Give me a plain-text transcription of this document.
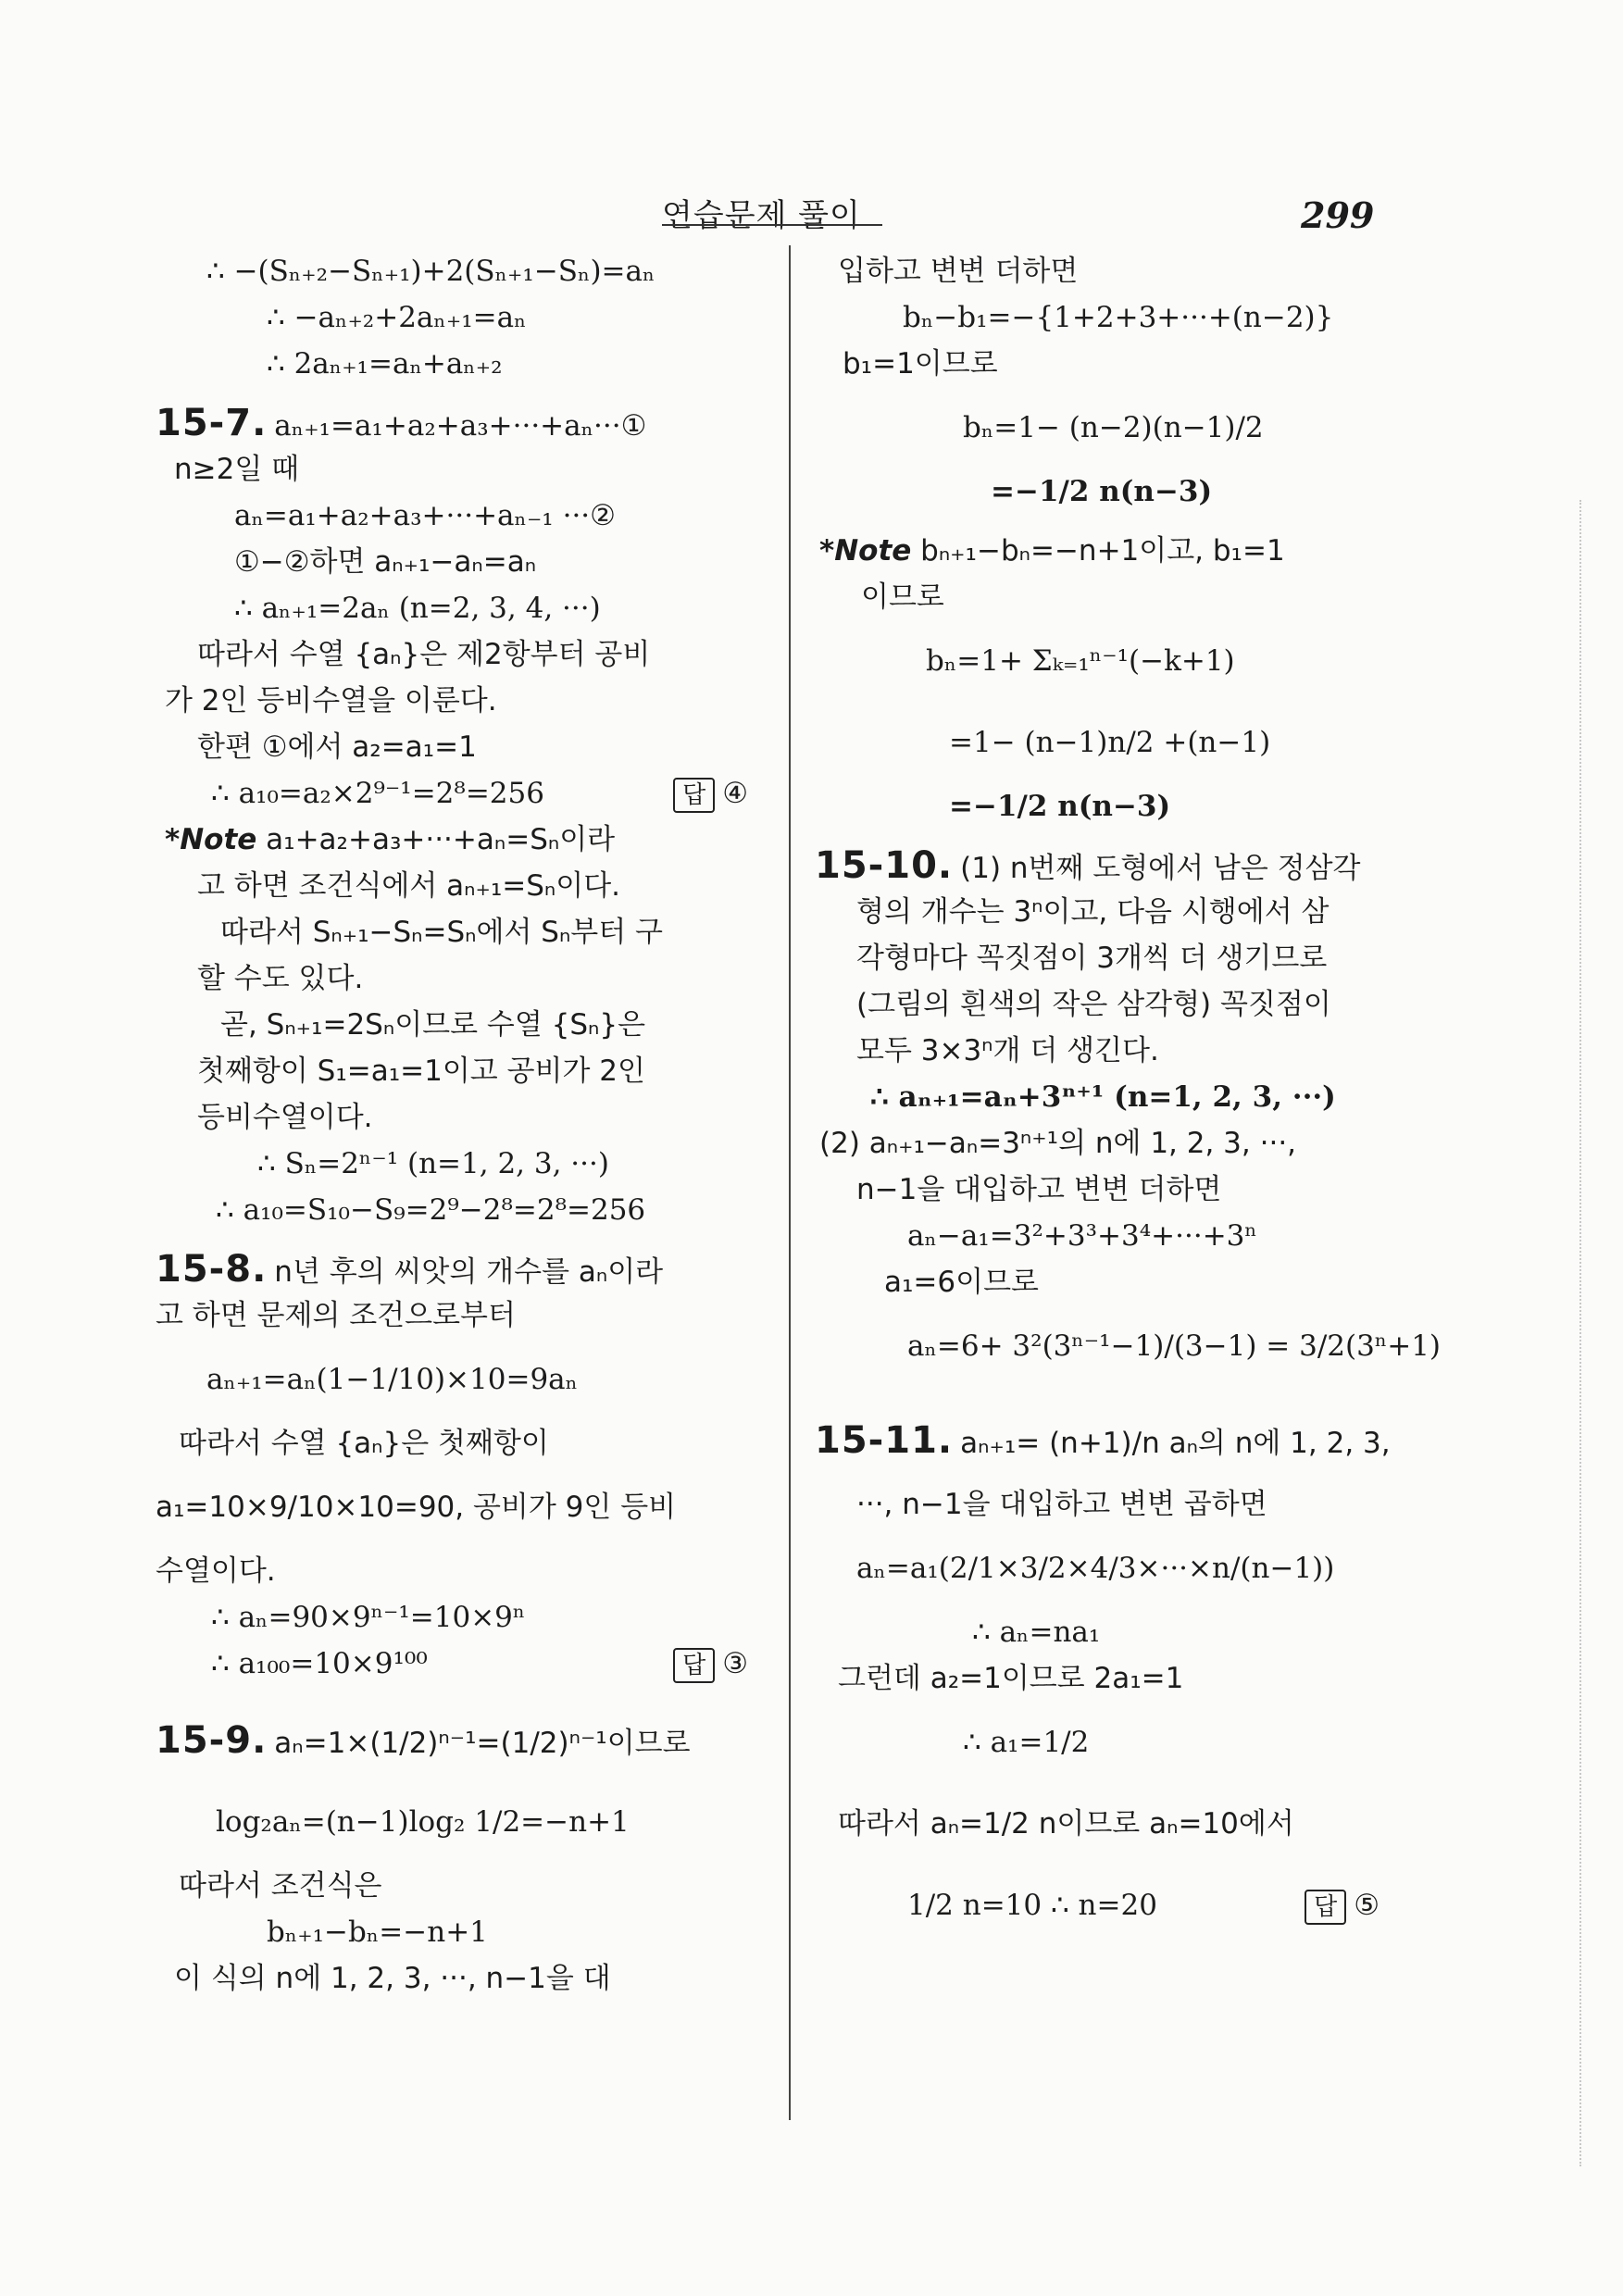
연습문제 풀이	299
∴ −(Sₙ₊₂−Sₙ₊₁)+2(Sₙ₊₁−Sₙ)=aₙ
∴ −aₙ₊₂+2aₙ₊₁=aₙ
∴ 2aₙ₊₁=aₙ+aₙ₊₂
15-7. aₙ₊₁=a₁+a₂+a₃+···+aₙ···①
n≥2일 때
aₙ=a₁+a₂+a₃+···+aₙ₋₁ ···②
①−②하면 aₙ₊₁−aₙ=aₙ
∴ aₙ₊₁=2aₙ (n=2, 3, 4, ···)
따라서 수열 {aₙ}은 제2항부터 공비
가 2인 등비수열을 이룬다.
한편 ①에서 a₂=a₁=1
∴ a₁₀=a₂×2⁹⁻¹=2⁸=256	답 ④
*Note a₁+a₂+a₃+···+aₙ=Sₙ이라
고 하면 조건식에서 aₙ₊₁=Sₙ이다.
따라서 Sₙ₊₁−Sₙ=Sₙ에서 Sₙ부터 구
할 수도 있다.
곧, Sₙ₊₁=2Sₙ이므로 수열 {Sₙ}은
첫째항이 S₁=a₁=1이고 공비가 2인
등비수열이다.
∴ Sₙ=2ⁿ⁻¹ (n=1, 2, 3, ···)
∴ a₁₀=S₁₀−S₉=2⁹−2⁸=2⁸=256
15-8. n년 후의 씨앗의 개수를 aₙ이라
고 하면 문제의 조건으로부터
aₙ₊₁=aₙ(1−1/10)×10=9aₙ
따라서 수열 {aₙ}은 첫째항이
a₁=10×9/10×10=90, 공비가 9인 등비
수열이다.
∴ aₙ=90×9ⁿ⁻¹=10×9ⁿ
∴ a₁₀₀=10×9¹⁰⁰	답 ③
15-9. aₙ=1×(1/2)ⁿ⁻¹=(1/2)ⁿ⁻¹이므로
log₂aₙ=(n−1)log₂ 1/2=−n+1
따라서 조건식은
bₙ₊₁−bₙ=−n+1
이 식의 n에 1, 2, 3, ···, n−1을 대
입하고 변변 더하면
bₙ−b₁=−{1+2+3+···+(n−2)}
b₁=1이므로
bₙ=1− (n−2)(n−1)/2
=−1/2 n(n−3)
*Note bₙ₊₁−bₙ=−n+1이고, b₁=1
이므로
bₙ=1+ Σₖ₌₁ⁿ⁻¹(−k+1)
=1− (n−1)n/2 +(n−1)
=−1/2 n(n−3)
15-10. (1) n번째 도형에서 남은 정삼각
형의 개수는 3ⁿ이고, 다음 시행에서 삼
각형마다 꼭짓점이 3개씩 더 생기므로
(그림의 흰색의 작은 삼각형) 꼭짓점이
모두 3×3ⁿ개 더 생긴다.
∴ aₙ₊₁=aₙ+3ⁿ⁺¹ (n=1, 2, 3, ···)
(2) aₙ₊₁−aₙ=3ⁿ⁺¹의 n에 1, 2, 3, ···,
n−1을 대입하고 변변 더하면
aₙ−a₁=3²+3³+3⁴+···+3ⁿ
a₁=6이므로
aₙ=6+ 3²(3ⁿ⁻¹−1)/(3−1) = 3/2(3ⁿ+1)
15-11. aₙ₊₁= (n+1)/n aₙ의 n에 1, 2, 3,
···, n−1을 대입하고 변변 곱하면
aₙ=a₁(2/1×3/2×4/3×···×n/(n−1))
∴ aₙ=na₁
그런데 a₂=1이므로 2a₁=1
∴ a₁=1/2
따라서 aₙ=1/2 n이므로 aₙ=10에서
1/2 n=10 ∴ n=20	답 ⑤
